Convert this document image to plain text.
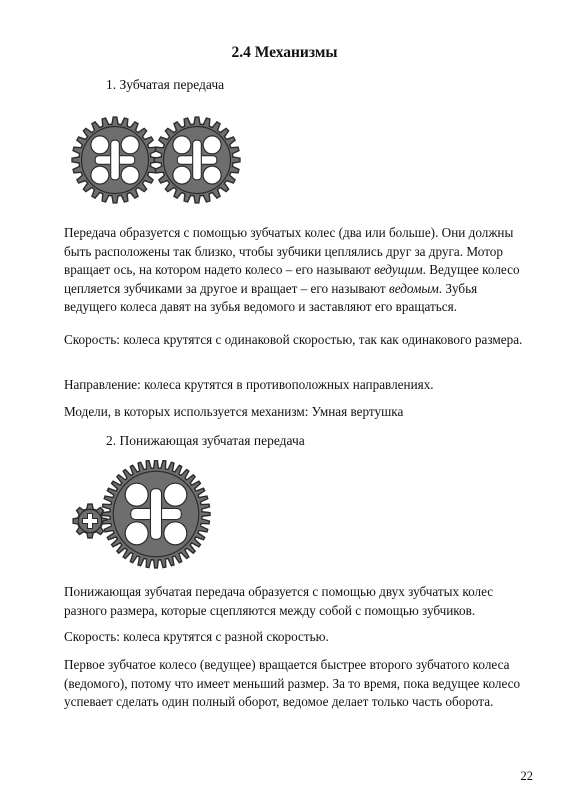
2.4 Механизмы
1. Зубчатая передача
Передача образуется с помощью зубчатых колес (два или больше). Они должны быть расположены так близко, чтобы зубчики цеплялись друг за друга. Мотор вращает ось, на котором надето колесо – его называют ведущим. Ведущее колесо цепляется зубчиками за другое и вращает – его называют ведомым. Зубья ведущего колеса давят на зубья ведомого и заставляют его вращаться.
Скорость: колеса крутятся с одинаковой скоростью, так как одинакового размера.
Направление: колеса крутятся в противоположных направлениях.
Модели, в которых используется механизм: Умная вертушка
2. Понижающая зубчатая передача
Понижающая зубчатая передача образуется с помощью двух зубчатых колес разного размера, которые сцепляются между собой с помощью зубчиков.
Скорость: колеса крутятся с разной скоростью.
Первое зубчатое колесо (ведущее) вращается быстрее второго зубчатого колеса (ведомого), потому что имеет меньший размер. За то время, пока ведущее колесо успевает сделать один полный оборот, ведомое делает только часть оборота.
22
